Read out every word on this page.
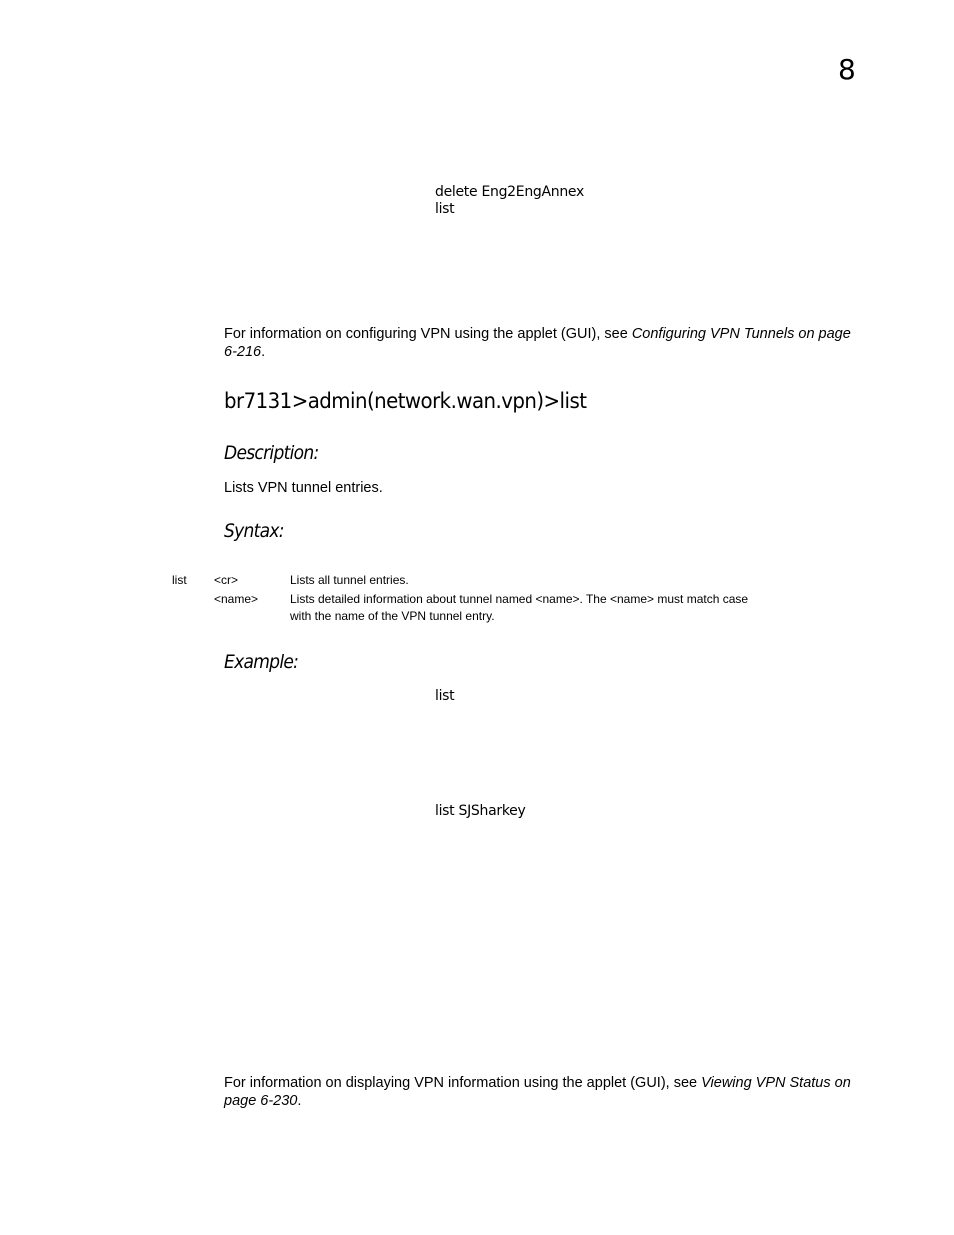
8
delete Eng2EngAnnex
list
For information on configuring VPN using the applet (GUI), see Configuring VPN Tunnels on page 6-216.
br7131>admin(network.wan.vpn)>list
Description:
Lists VPN tunnel entries.
Syntax:
list <cr>	Lists all tunnel entries.
<name>	Lists detailed information about tunnel named <name>. The <name> must match case
with the name of the VPN tunnel entry.
Example:
list
list SJSharkey
For information on displaying VPN information using the applet (GUI), see Viewing VPN Status on page 6-230.
